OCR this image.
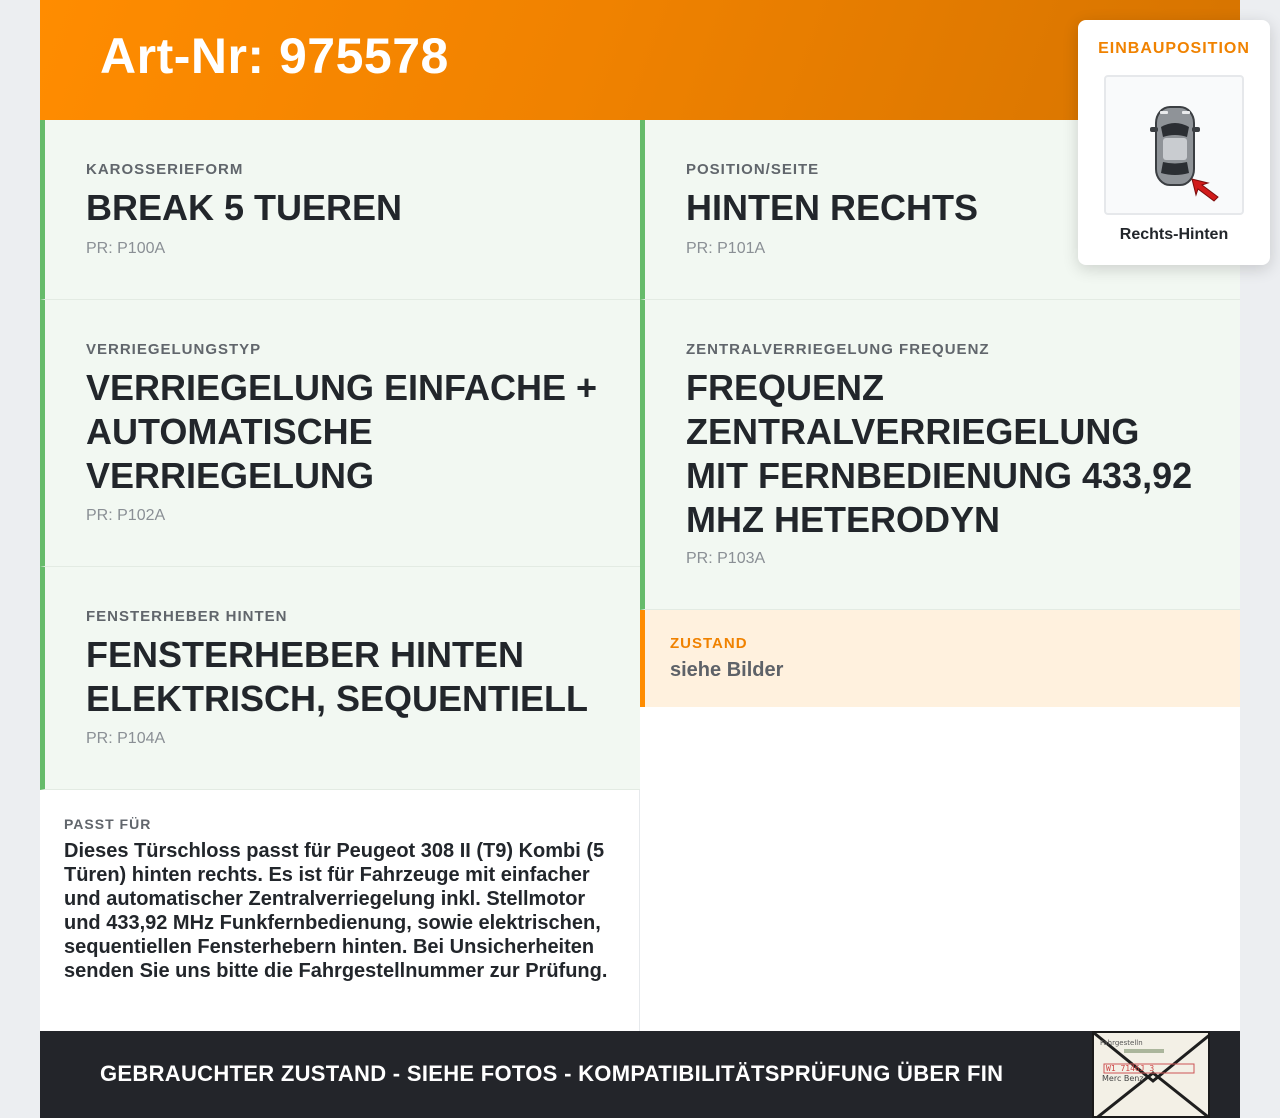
Art-Nr: 975578
KAROSSERIEFORM
BREAK 5 TUEREN
PR: P100A
POSITION/SEITE
HINTEN RECHTS
PR: P101A
VERRIEGELUNGSTYP
VERRIEGELUNG EINFACHE + AUTOMATISCHE VERRIEGELUNG
PR: P102A
ZENTRALVERRIEGELUNG FREQUENZ
FREQUENZ ZENTRALVERRIEGELUNG MIT FERNBEDIENUNG 433,92 MHZ HETERODYN
PR: P103A
FENSTERHEBER HINTEN
FENSTERHEBER HINTEN ELEKTRISCH, SEQUENTIELL
PR: P104A
ZUSTAND
siehe Bilder
PASST FÜR
Dieses Türschloss passt für Peugeot 308 II (T9) Kombi (5 Türen) hinten rechts. Es ist für Fahrzeuge mit einfacher und automatischer Zentralverriegelung inkl. Stellmotor und 433,92 MHz Funkfernbedienung, sowie elektrischen, sequentiellen Fensterhebern hinten. Bei Unsicherheiten senden Sie uns bitte die Fahrgestellnummer zur Prüfung.
GEBRAUCHTER ZUSTAND - SIEHE FOTOS - KOMPATIBILITÄTSPRÜFUNG ÜBER FIN
Fahrgestelln
W1 7146J 3
Merc Benz
EINBAUPOSITION
Rechts-Hinten
